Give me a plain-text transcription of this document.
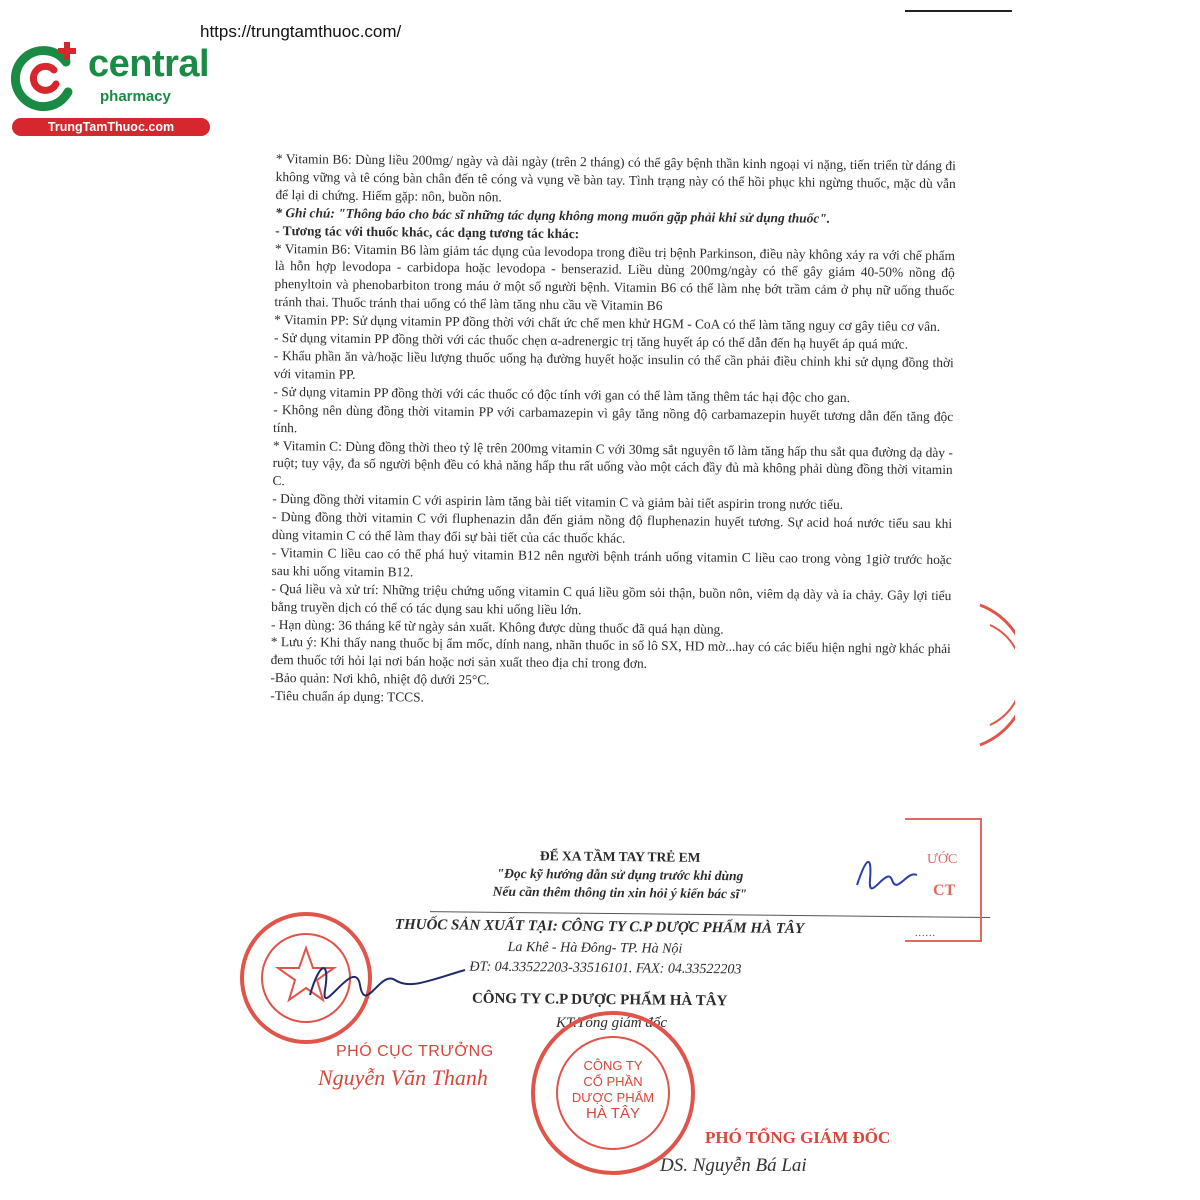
https://trungtamthuoc.com/
central
pharmacy
TrungTamThuoc.com

* Vitamin B6: Dùng liều 200mg/ ngày và dài ngày (trên 2 tháng) có thể gây bệnh thần kinh ngoại vi nặng, tiến triển từ dáng đi không vững và tê cóng bàn chân đến tê cóng và vụng về bàn tay. Tình trạng này có thể hồi phục khi ngừng thuốc, mặc dù vẫn để lại di chứng. Hiếm gặp: nôn, buồn nôn.

* Ghi chú: "Thông báo cho bác sĩ những tác dụng không mong muốn gặp phải khi sử dụng thuốc".

- Tương tác với thuốc khác, các dạng tương tác khác:

* Vitamin B6: Vitamin B6 làm giảm tác dụng của levodopa trong điều trị bệnh Parkinson, điều này không xảy ra với chế phẩm là hỗn hợp levodopa - carbidopa hoặc levodopa - benserazid. Liều dùng 200mg/ngày có thể gây giảm 40-50% nồng độ phenyltoin và phenobarbiton trong máu ở một số người bệnh. Vitamin B6 có thể làm nhẹ bớt trầm cảm ở phụ nữ uống thuốc tránh thai. Thuốc tránh thai uống có thể làm tăng nhu cầu về Vitamin B6

* Vitamin PP: Sử dụng vitamin PP đồng thời với chất ức chế men khử HGM - CoA có thể làm tăng nguy cơ gây tiêu cơ vân.

- Sử dụng vitamin PP đồng thời với các thuốc chẹn α-adrenergic trị tăng huyết áp có thể dẫn đến hạ huyết áp quá mức.

- Khẩu phần ăn và/hoặc liều lượng thuốc uống hạ đường huyết hoặc insulin có thể cần phải điều chỉnh khi sử dụng đồng thời với vitamin PP.

- Sử dụng vitamin PP đồng thời với các thuốc có độc tính với gan có thể làm tăng thêm tác hại độc cho gan.

- Không nên dùng đồng thời vitamin PP với carbamazepin vì gây tăng nồng độ carbamazepin huyết tương dẫn đến tăng độc tính.

* Vitamin C: Dùng đồng thời theo tỷ lệ trên 200mg vitamin C với 30mg sắt nguyên tố làm tăng hấp thu sắt qua đường dạ dày - ruột; tuy vậy, đa số người bệnh đều có khả năng hấp thu rất uống vào một cách đầy đủ mà không phải dùng đồng thời vitamin C.

- Dùng đồng thời vitamin C với aspirin làm tăng bài tiết vitamin C và giảm bài tiết aspirin trong nước tiểu.

- Dùng đồng thời vitamin C với fluphenazin dẫn đến giảm nồng độ fluphenazin huyết tương. Sự acid hoá nước tiểu sau khi dùng vitamin C có thể làm thay đổi sự bài tiết của các thuốc khác.

- Vitamin C liều cao có thể phá huỷ vitamin B12 nên người bệnh tránh uống vitamin C liều cao trong vòng 1giờ trước hoặc sau khi uống vitamin B12.

- Quá liều và xử trí: Những triệu chứng uống vitamin C quá liều gồm sỏi thận, buồn nôn, viêm dạ dày và ỉa chảy. Gây lợi tiểu bằng truyền dịch có thể có tác dụng sau khi uống liều lớn.

- Hạn dùng: 36 tháng kể từ ngày sản xuất. Không được dùng thuốc đã quá hạn dùng.

* Lưu ý: Khi thấy nang thuốc bị ẩm mốc, dính nang, nhãn thuốc in số lô SX, HD mờ...hay có các biểu hiện nghi ngờ khác phải đem thuốc tới hỏi lại nơi bán hoặc nơi sản xuất theo địa chỉ trong đơn.

-Bảo quản: Nơi khô, nhiệt độ dưới 25°C.

-Tiêu chuẩn áp dụng: TCCS.

ĐỂ XA TẦM TAY TRẺ EM
"Đọc kỹ hướng dẫn sử dụng trước khi dùng
Nếu cần thêm thông tin xin hỏi ý kiến bác sĩ"
THUỐC SẢN XUẤT TẠI: CÔNG TY C.P DƯỢC PHẨM HÀ TÂY
La Khê - Hà Đông- TP. Hà Nội
ĐT: 04.33522203-33516101. FAX: 04.33522203
CÔNG TY C.P DƯỢC PHẨM HÀ TÂY
KT.Tổng giám đốc
PHÓ CỤC TRƯỞNG
Nguyễn Văn Thanh	CÔNG TY
CỔ PHẦN
DƯỢC PHẨM
HÀ TÂY
PHÓ TỔNG GIÁM ĐỐC
DS. Nguyễn Bá Lai
ƯỚC
CT
......
